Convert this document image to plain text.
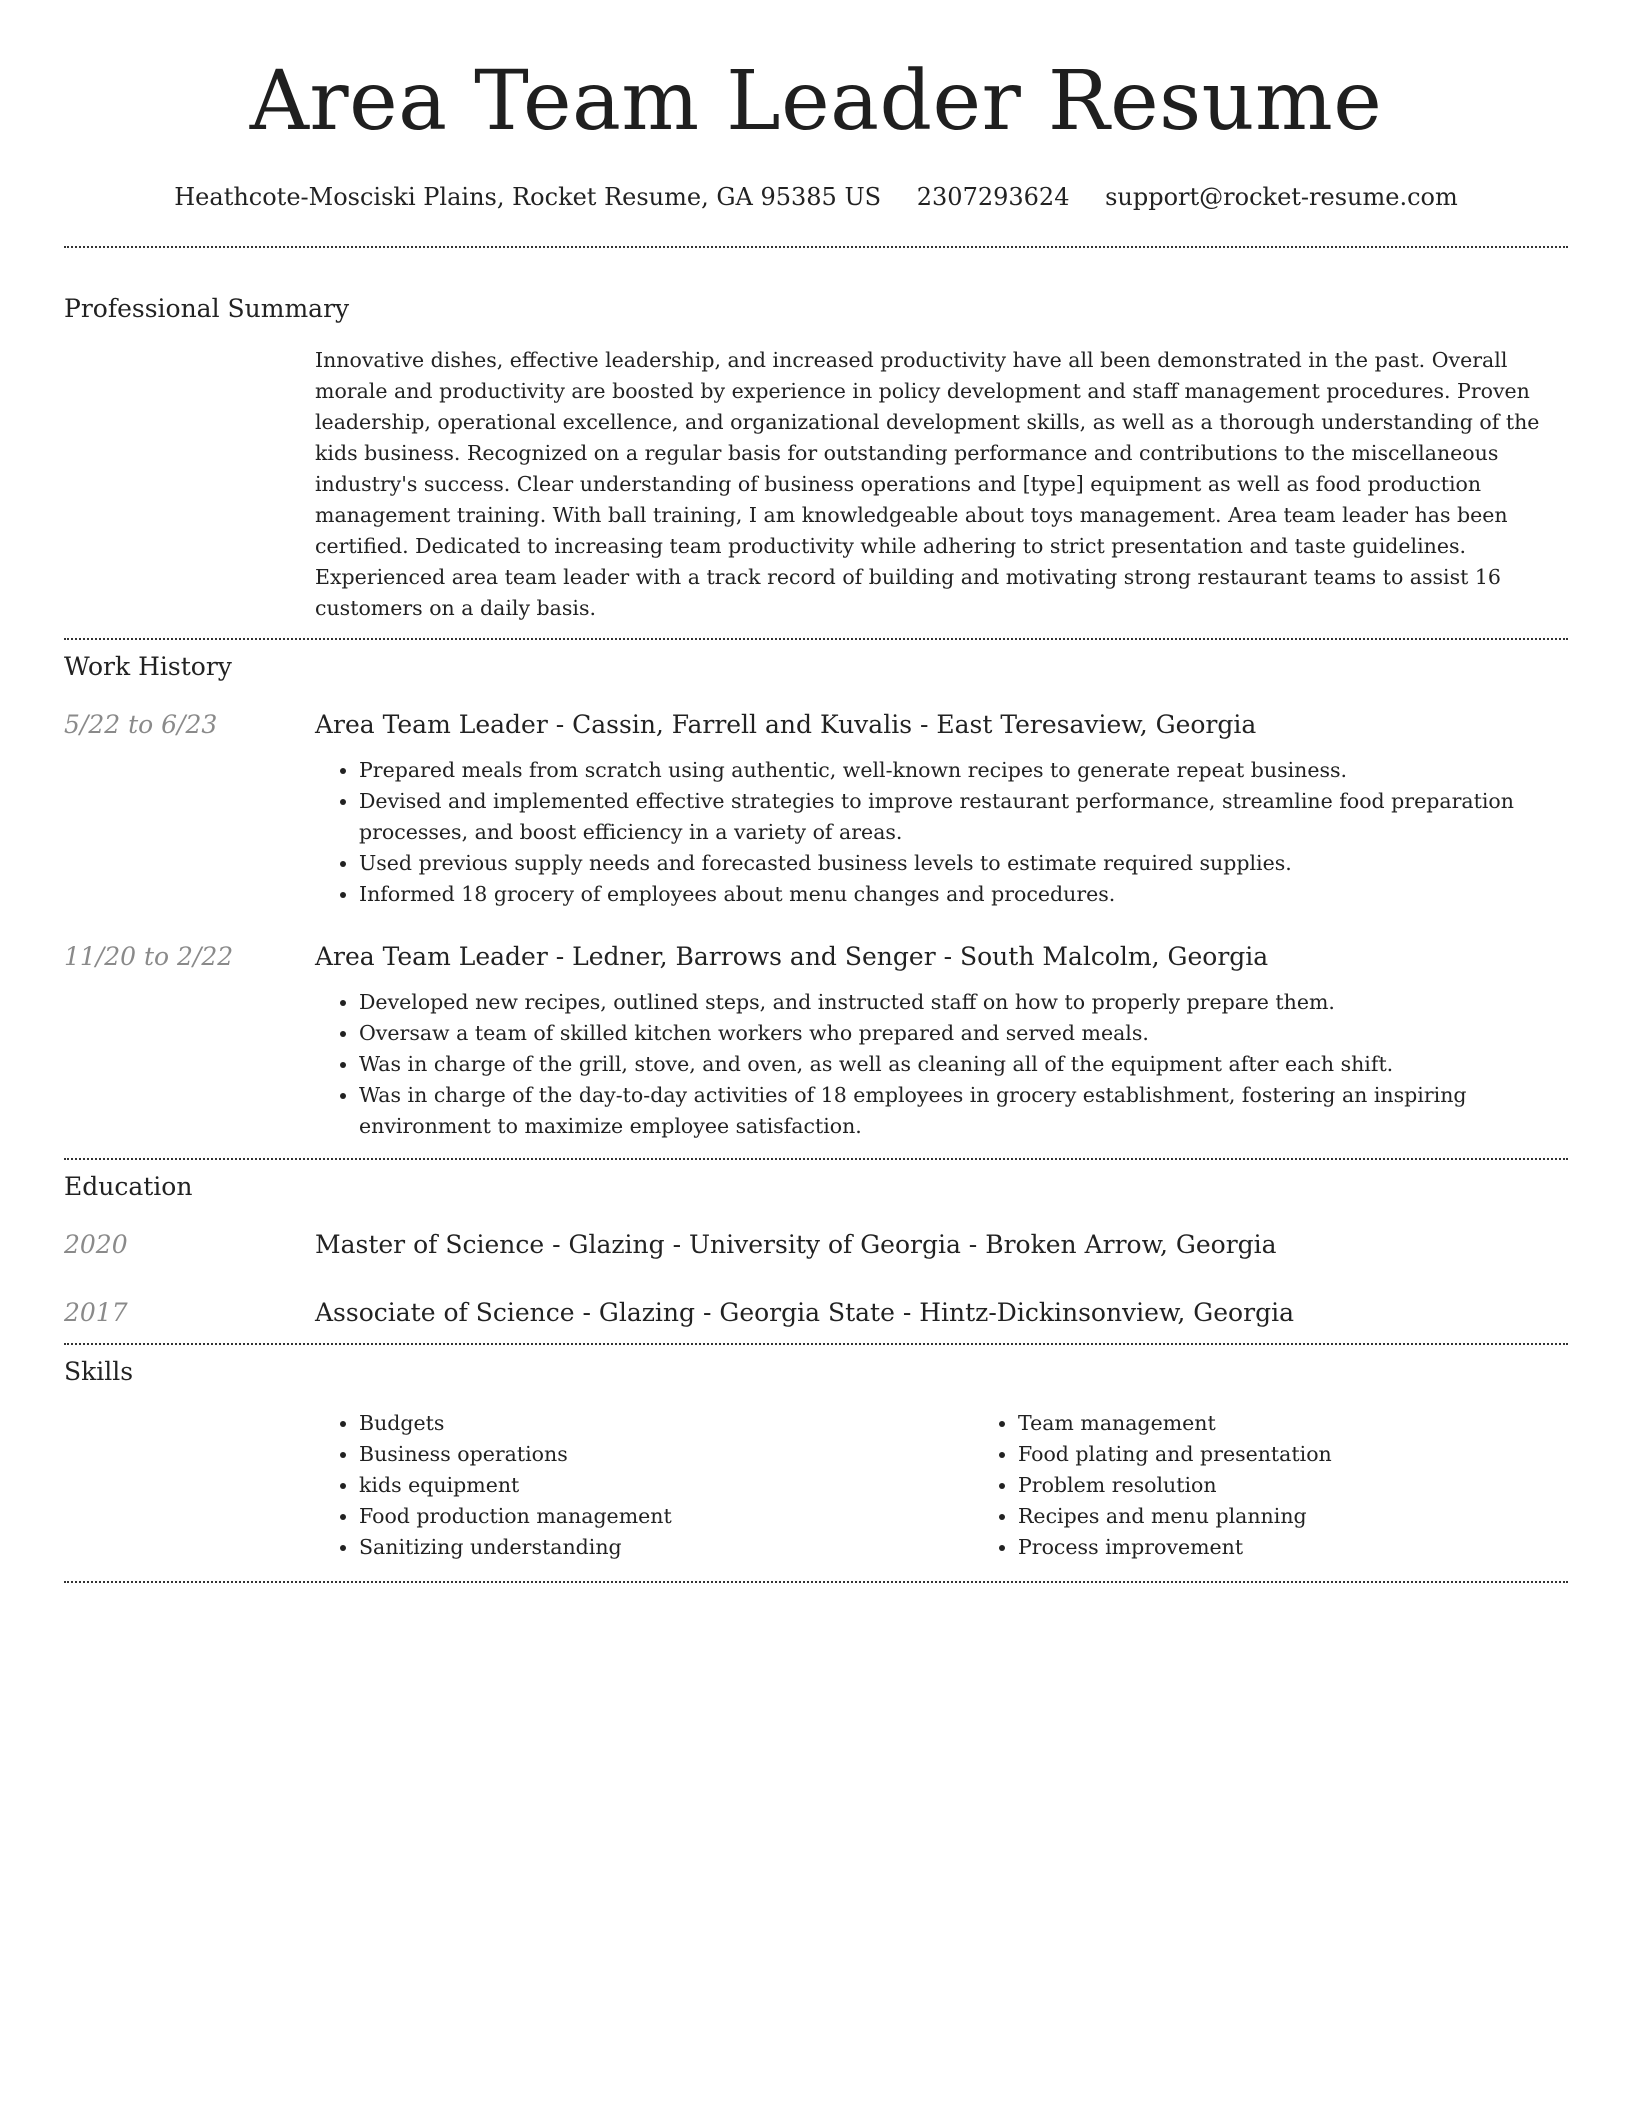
Area Team Leader Resume
Heathcote-Mosciski Plains, Rocket Resume, GA 95385 US 2307293624 support@rocket-resume.com
Professional Summary
Innovative dishes, effective leadership, and increased productivity have all been demonstrated in the past. Overall morale and productivity are boosted by experience in policy development and staff management procedures. Proven leadership, operational excellence, and organizational development skills, as well as a thorough understanding of the kids business. Recognized on a regular basis for outstanding performance and contributions to the miscellaneous industry's success. Clear understanding of business operations and [type] equipment as well as food production management training. With ball training, I am knowledgeable about toys management. Area team leader has been certified. Dedicated to increasing team productivity while adhering to strict presentation and taste guidelines. Experienced area team leader with a track record of building and motivating strong restaurant teams to assist 16 customers on a daily basis.
Work History
5/22 to 6/23	Area Team Leader - Cassin, Farrell and Kuvalis - East Teresaview, Georgia
• Prepared meals from scratch using authentic, well-known recipes to generate repeat business.
• Devised and implemented effective strategies to improve restaurant performance, streamline food preparation processes, and boost efficiency in a variety of areas.
• Used previous supply needs and forecasted business levels to estimate required supplies.
• Informed 18 grocery of employees about menu changes and procedures.
11/20 to 2/22	Area Team Leader - Ledner, Barrows and Senger - South Malcolm, Georgia
• Developed new recipes, outlined steps, and instructed staff on how to properly prepare them.
• Oversaw a team of skilled kitchen workers who prepared and served meals.
• Was in charge of the grill, stove, and oven, as well as cleaning all of the equipment after each shift.
• Was in charge of the day-to-day activities of 18 employees in grocery establishment, fostering an inspiring environment to maximize employee satisfaction.
Education
2020	Master of Science - Glazing - University of Georgia - Broken Arrow, Georgia
2017	Associate of Science - Glazing - Georgia State - Hintz-Dickinsonview, Georgia
Skills
• Budgets
• Business operations
• kids equipment
• Food production management
• Sanitizing understanding
• Team management
• Food plating and presentation
• Problem resolution
• Recipes and menu planning
• Process improvement
